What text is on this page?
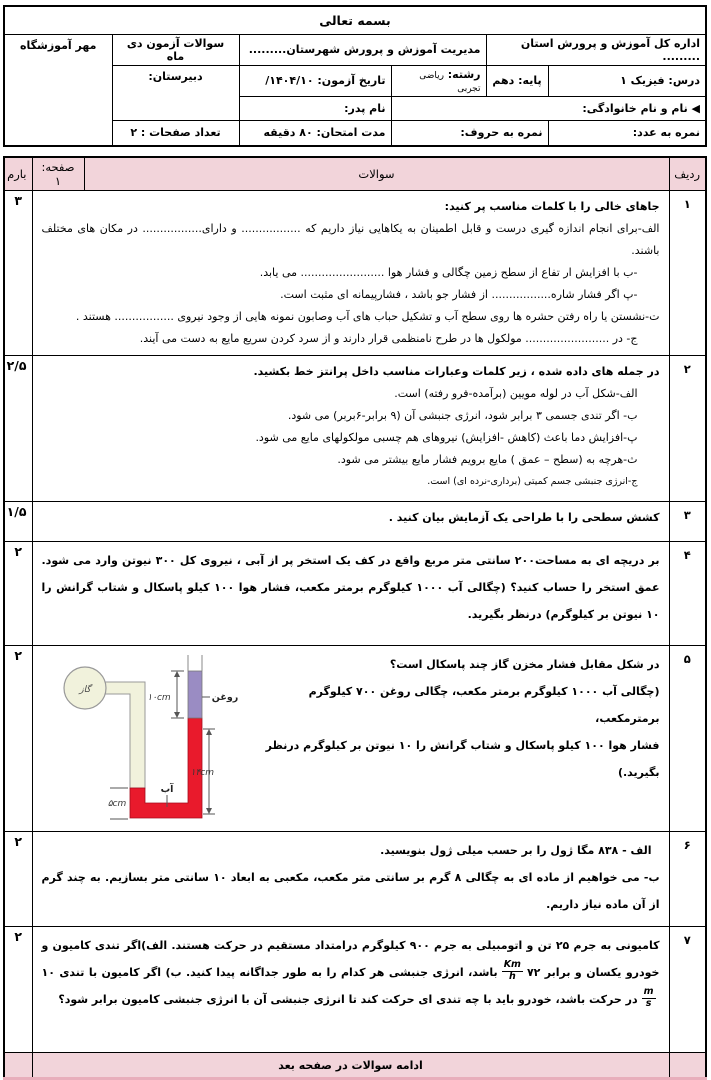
بسمه تعالی					
اداره کل آموزش و پرورش استان .........		مدیریت آموزش و پرورش شهرستان.........		سوالات آزمون دی ماه	مهر آموزشگاه
درس: فیزیک ۱	پایه: دهم	رشته: ریاضی تجربی	تاریخ آزمون: ۱۴۰۴/۱۰/	دبیرستان:	
◀ نام و نام خانوادگی:			نام پدر:		
نمره به عدد:	نمره به حروف:		مدت امتحان: ۸۰ دقیقه	تعداد صفحات : ۲	
ردیف	سوالات	صفحه: ۱	بارم
۱	
جاهای خالی را با کلمات مناسب پر کنید:
الف-برای انجام اندازه گیری درست و قابل اطمینان به یکاهایی نیاز داریم که ................. و دارای................. در مکان های مختلف باشند.
-ب با افزایش ار تفاع از سطح زمین چگالی و فشار هوا ........................ می یابد.
-پ اگر فشار شاره................. از فشار جو باشد ، فشارپیمانه ای مثبت است.
ت-نشستن یا راه رفتن حشره ها روی سطح آب و تشکیل حباب های آب وصابون نمونه هایی از وجود نیروی ................. هستند .
ج- در ........................ مولکول ها در طرح نامنظمی قرار دارند و از سرد کردن سریع مایع به دست می آیند.
	۳
۲	
در جمله های داده شده ، زیر کلمات وعبارات مناسب داخل پرانتز خط بکشید.
الف-شکل آب در لوله مویین (برآمده-فرو رفته) است.
ب- اگر تندی جسمی ۳ برابر شود، انرژی جنبشی آن (۹ برابر-۶بربر) می شود.
پ-افزایش دما باعث (کاهش -افزایش) نیروهای هم چسبی مولکولهای مایع می شود.
ث-هرچه به (سطح – عمق ) مایع برویم فشار مایع بیشتر می شود.
ج-انرژی جنبشی جسم کمیتی (برداری-نرده ای) است.
	۲/۵
۳	کشش سطحی را با طراحی یک آزمایش بیان کنید .		۱/۵
۴	بر دریچه ای به مساحت۲۰۰ سانتی متر مربع واقع در کف یک استخر پر از آبی ، نیروی کل ۳۰۰ نیوتن وارد می شود. عمق استخر را حساب کنید؟ (چگالی آب ۱۰۰۰ کیلوگرم برمتر مکعب، فشار هوا ۱۰۰ کیلو پاسکال و شتاب گرانش را ۱۰ نیوتن بر کیلوگرم) درنظر بگیرید.		۲
۵	
در شکل مقابل فشار مخزن گاز چند پاسکال است؟
(چگالی آب ۱۰۰۰ کیلوگرم برمتر مکعب، چگالی روغن ۷۰۰ کیلوگرم برمترمکعب،
فشار هوا ۱۰۰ کیلو پاسکال و شتاب گرانش را ۱۰ نیوتن بر کیلوگرم درنظر بگیرید.)
گاز
۱۰cm	روغن
۱۴cm
۵cm
آب
	۲
۶	الف - ۸۳۸ مگا ژول را بر حسب میلی ژول بنویسید.
ب- می خواهیم از ماده ای به چگالی ۸ گرم بر سانتی متر مکعب، مکعبی به ابعاد ۱۰ سانتی متر بسازیم. به چند گرم از آن ماده نیاز داریم.		۲
۷	
کامیونی به جرم ۲۵ تن و اتومبیلی به جرم ۹۰۰ کیلوگرم درامتداد مستقیم در حرکت هستند. الف)اگر تندی کامیون و خودرو یکسان و برابر ۷۲
$\frac{Km}{h}$
باشد، انرژی جنبشی هر کدام را به طور جداگانه پیدا کنید. ب) اگر کامیون با تندی ۱۰
$\frac{m}{s}$
در حرکت باشد، خودرو باید با چه تندی ای حرکت کند تا انرژی جنبشی آن با انرژی جنبشی کامیون برابر شود؟
	۲
	ادامه سوالات در صفحه بعد		
